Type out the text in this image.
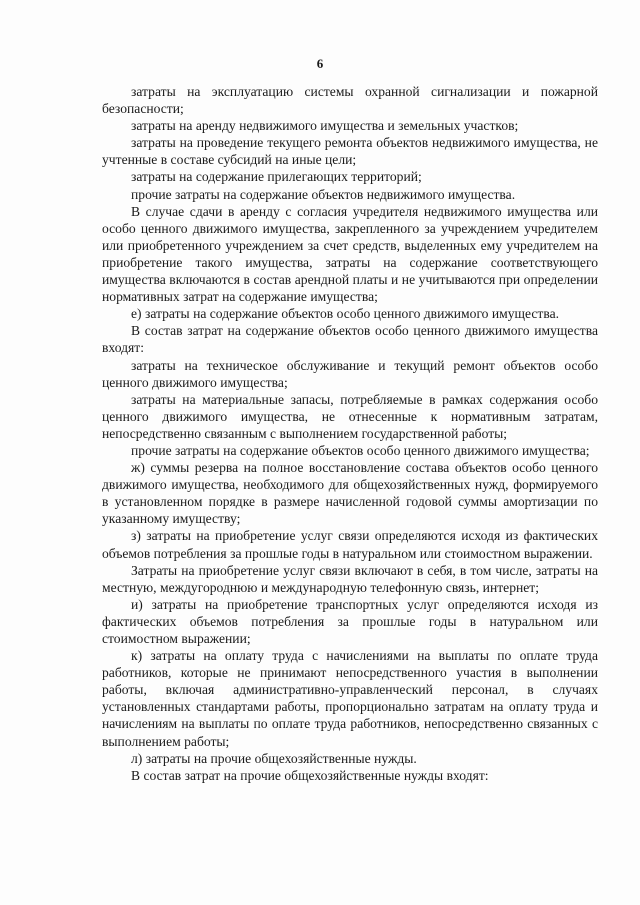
6

затраты на эксплуатацию системы охранной сигнализации и пожарной безопасности;

затраты на аренду недвижимого имущества и земельных участков;

затраты на проведение текущего ремонта объектов недвижимого имущества, не учтенные в составе субсидий на иные цели;

затраты на содержание прилегающих территорий;

прочие затраты на содержание объектов недвижимого имущества.

В случае сдачи в аренду с согласия учредителя недвижимого имущества или особо ценного движимого имущества, закрепленного за учреждением учредителем или приобретенного учреждением за счет средств, выделенных ему учредителем на приобретение такого имущества, затраты на содержание соответствующего имущества включаются в состав арендной платы и не учитываются при определении нормативных затрат на содержание имущества;

е) затраты на содержание объектов особо ценного движимого имущества.

В состав затрат на содержание объектов особо ценного движимого имущества входят:

затраты на техническое обслуживание и текущий ремонт объектов особо ценного движимого имущества;

затраты на материальные запасы, потребляемые в рамках содержания особо ценного движимого имущества, не отнесенные к нормативным затратам, непосредственно связанным с выполнением государственной работы;

прочие затраты на содержание объектов особо ценного движимого имущества;

ж) суммы резерва на полное восстановление состава объектов особо ценного движимого имущества, необходимого для общехозяйственных нужд, формируемого в установленном порядке в размере начисленной годовой суммы амортизации по указанному имуществу;

з) затраты на приобретение услуг связи определяются исходя из фактических объемов потребления за прошлые годы в натуральном или стоимостном выражении.

Затраты на приобретение услуг связи включают в себя, в том числе, затраты на местную, междугороднюю и международную телефонную связь, интернет;

и) затраты на приобретение транспортных услуг определяются исходя из фактических объемов потребления за прошлые годы в натуральном или стоимостном выражении;

к) затраты на оплату труда с начислениями на выплаты по оплате труда работников, которые не принимают непосредственного участия в выполнении работы, включая административно-управленческий персонал, в случаях установленных стандартами работы, пропорционально затратам на оплату труда и начислениям на выплаты по оплате труда работников, непосредственно связанных с выполнением работы;

л) затраты на прочие общехозяйственные нужды.

В состав затрат на прочие общехозяйственные нужды входят:
